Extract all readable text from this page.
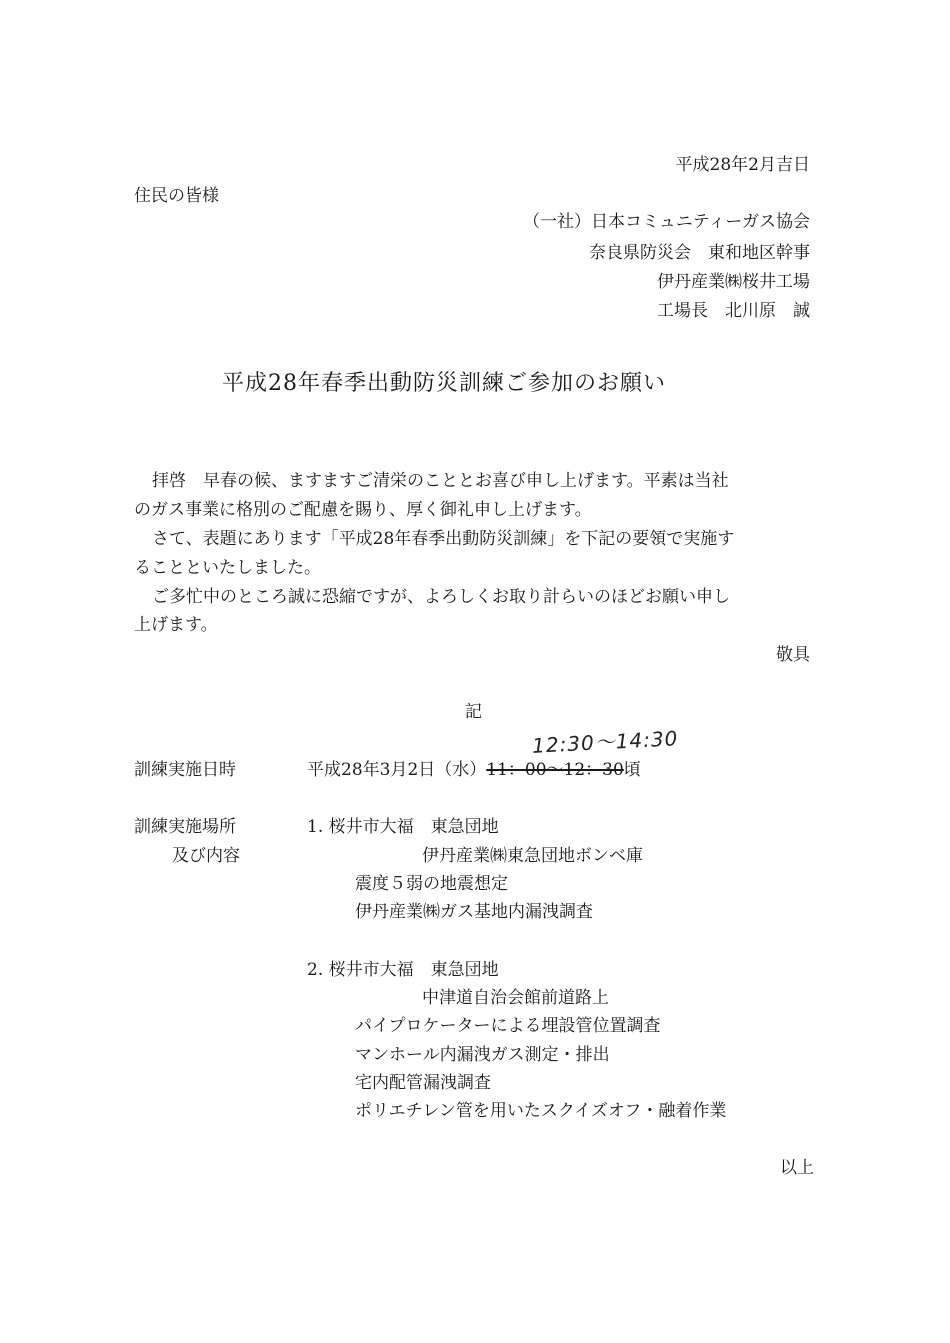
平成28年2月吉日
住民の皆様
（一社）日本コミュニティーガス協会
奈良県防災会　東和地区幹事
伊丹産業㈱桜井工場
工場長　北川原　誠
平成28年春季出動防災訓練ご参加のお願い
拝啓　早春の候、ますますご清栄のこととお喜び申し上げます。平素は当社
のガス事業に格別のご配慮を賜り、厚く御礼申し上げます。
さて、表題にあります「平成28年春季出動防災訓練」を下記の要領で実施す
ることといたしました。
ご多忙中のところ誠に恐縮ですが、よろしくお取り計らいのほどお願い申し
上げます。
敬具
記
12:30～14:30
訓練実施日時	平成28年3月2日（水）11：00～12：30頃
訓練実施場所
及び内容
1. 桜井市大福　東急団地
伊丹産業㈱東急団地ボンベ庫
震度５弱の地震想定
伊丹産業㈱ガス基地内漏洩調査
2. 桜井市大福　東急団地
中津道自治会館前道路上
パイプロケーターによる埋設管位置調査
マンホール内漏洩ガス測定・排出
宅内配管漏洩調査
ポリエチレン管を用いたスクイズオフ・融着作業
以上
